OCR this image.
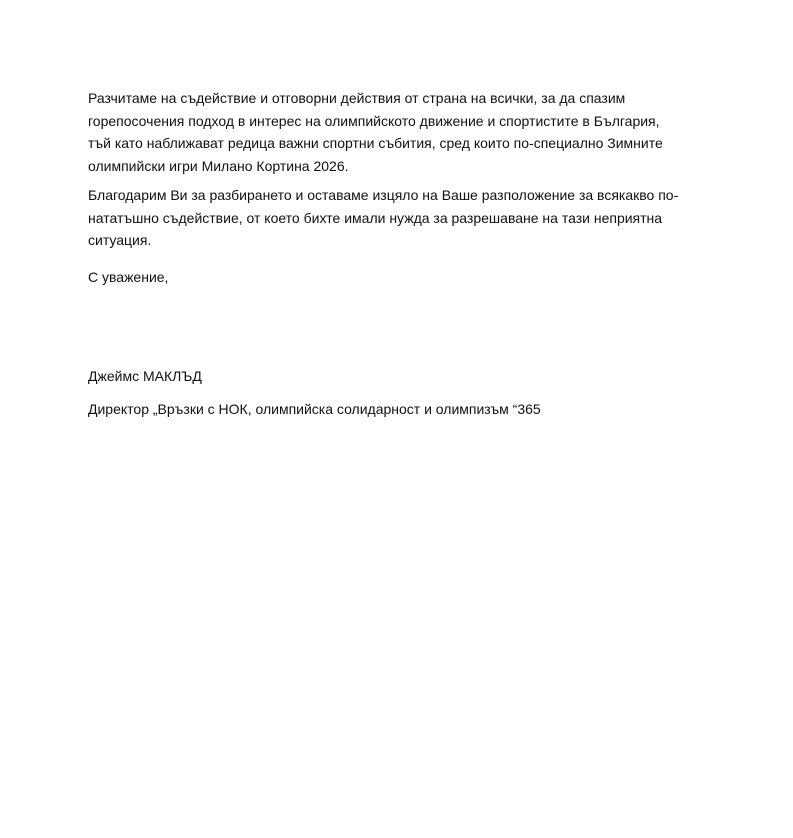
Разчитаме на съдействие и отговорни действия от страна на всички, за да спазим
горепосочения подход в интерес на олимпийското движение и спортистите в България,
тъй като наближават редица важни спортни събития, сред които по-специално Зимните
олимпийски игри Милано Кортина 2026.
Благодарим Ви за разбирането и оставаме изцяло на Ваше разположение за всякакво по-
нататъшно съдействие, от което бихте имали нужда за разрешаване на тази неприятна
ситуация.
С уважение,
Джеймс МАКЛЪД
Директор „Връзки с НОК, олимпийска солидарност и олимпизъм “365
